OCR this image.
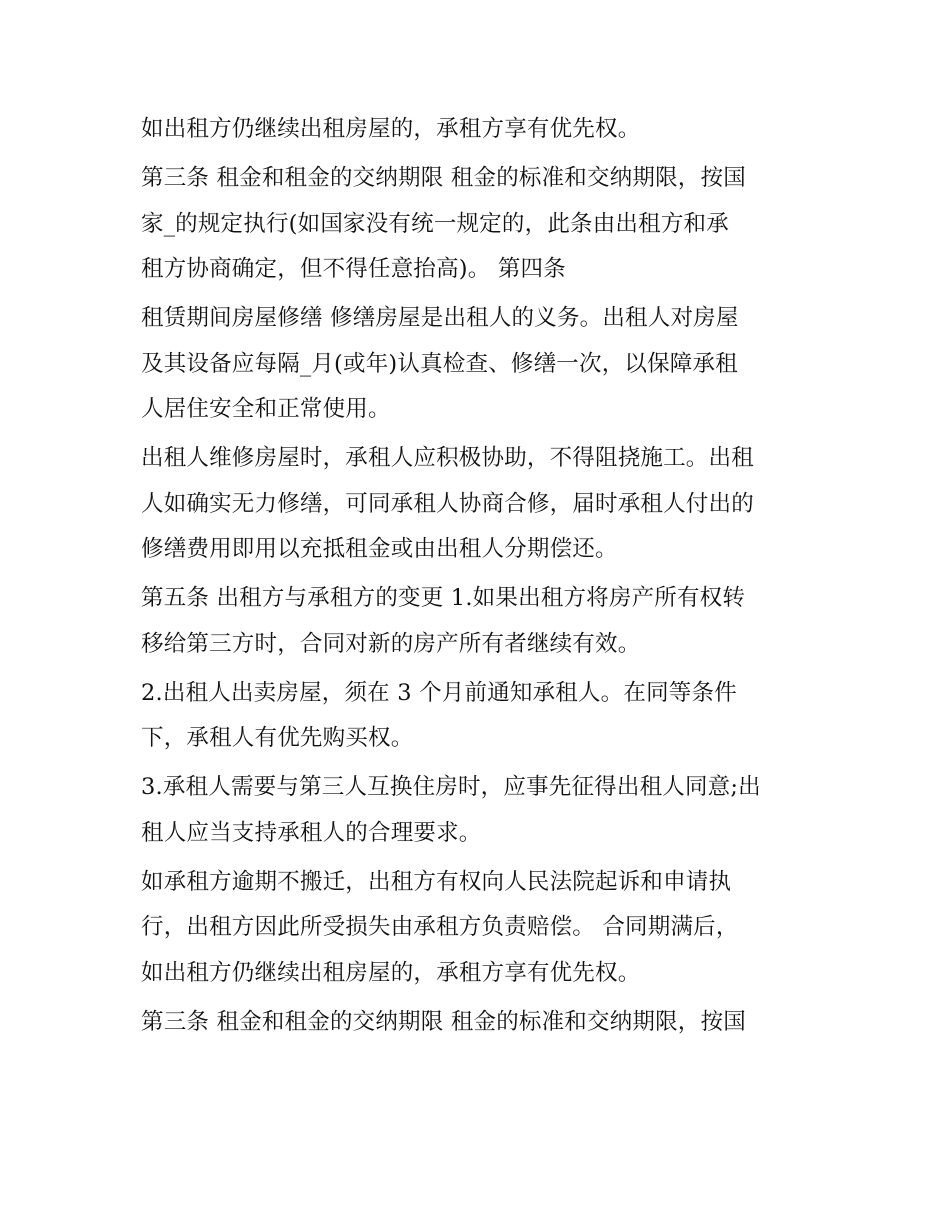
如出租方仍继续出租房屋的，承租方享有优先权。

第三条 租金和租金的交纳期限 租金的标准和交纳期限，按国
家_的规定执行(如国家没有统一规定的，此条由出租方和承
租方协商确定，但不得任意抬高)。 第四条

租赁期间房屋修缮 修缮房屋是出租人的义务。出租人对房屋
及其设备应每隔_月(或年)认真检查、修缮一次，以保障承租
人居住安全和正常使用。

出租人维修房屋时，承租人应积极协助，不得阻挠施工。出租
人如确实无力修缮，可同承租人协商合修，届时承租人付出的
修缮费用即用以充抵租金或由出租人分期偿还。

第五条 出租方与承租方的变更 1.如果出租方将房产所有权转
移给第三方时，合同对新的房产所有者继续有效。

2.出租人出卖房屋，须在 3 个月前通知承租人。在同等条件
下，承租人有优先购买权。

3.承租人需要与第三人互换住房时，应事先征得出租人同意;出
租人应当支持承租人的合理要求。

如承租方逾期不搬迁，出租方有权向人民法院起诉和申请执
行，出租方因此所受损失由承租方负责赔偿。 合同期满后，
如出租方仍继续出租房屋的，承租方享有优先权。

第三条 租金和租金的交纳期限 租金的标准和交纳期限，按国
